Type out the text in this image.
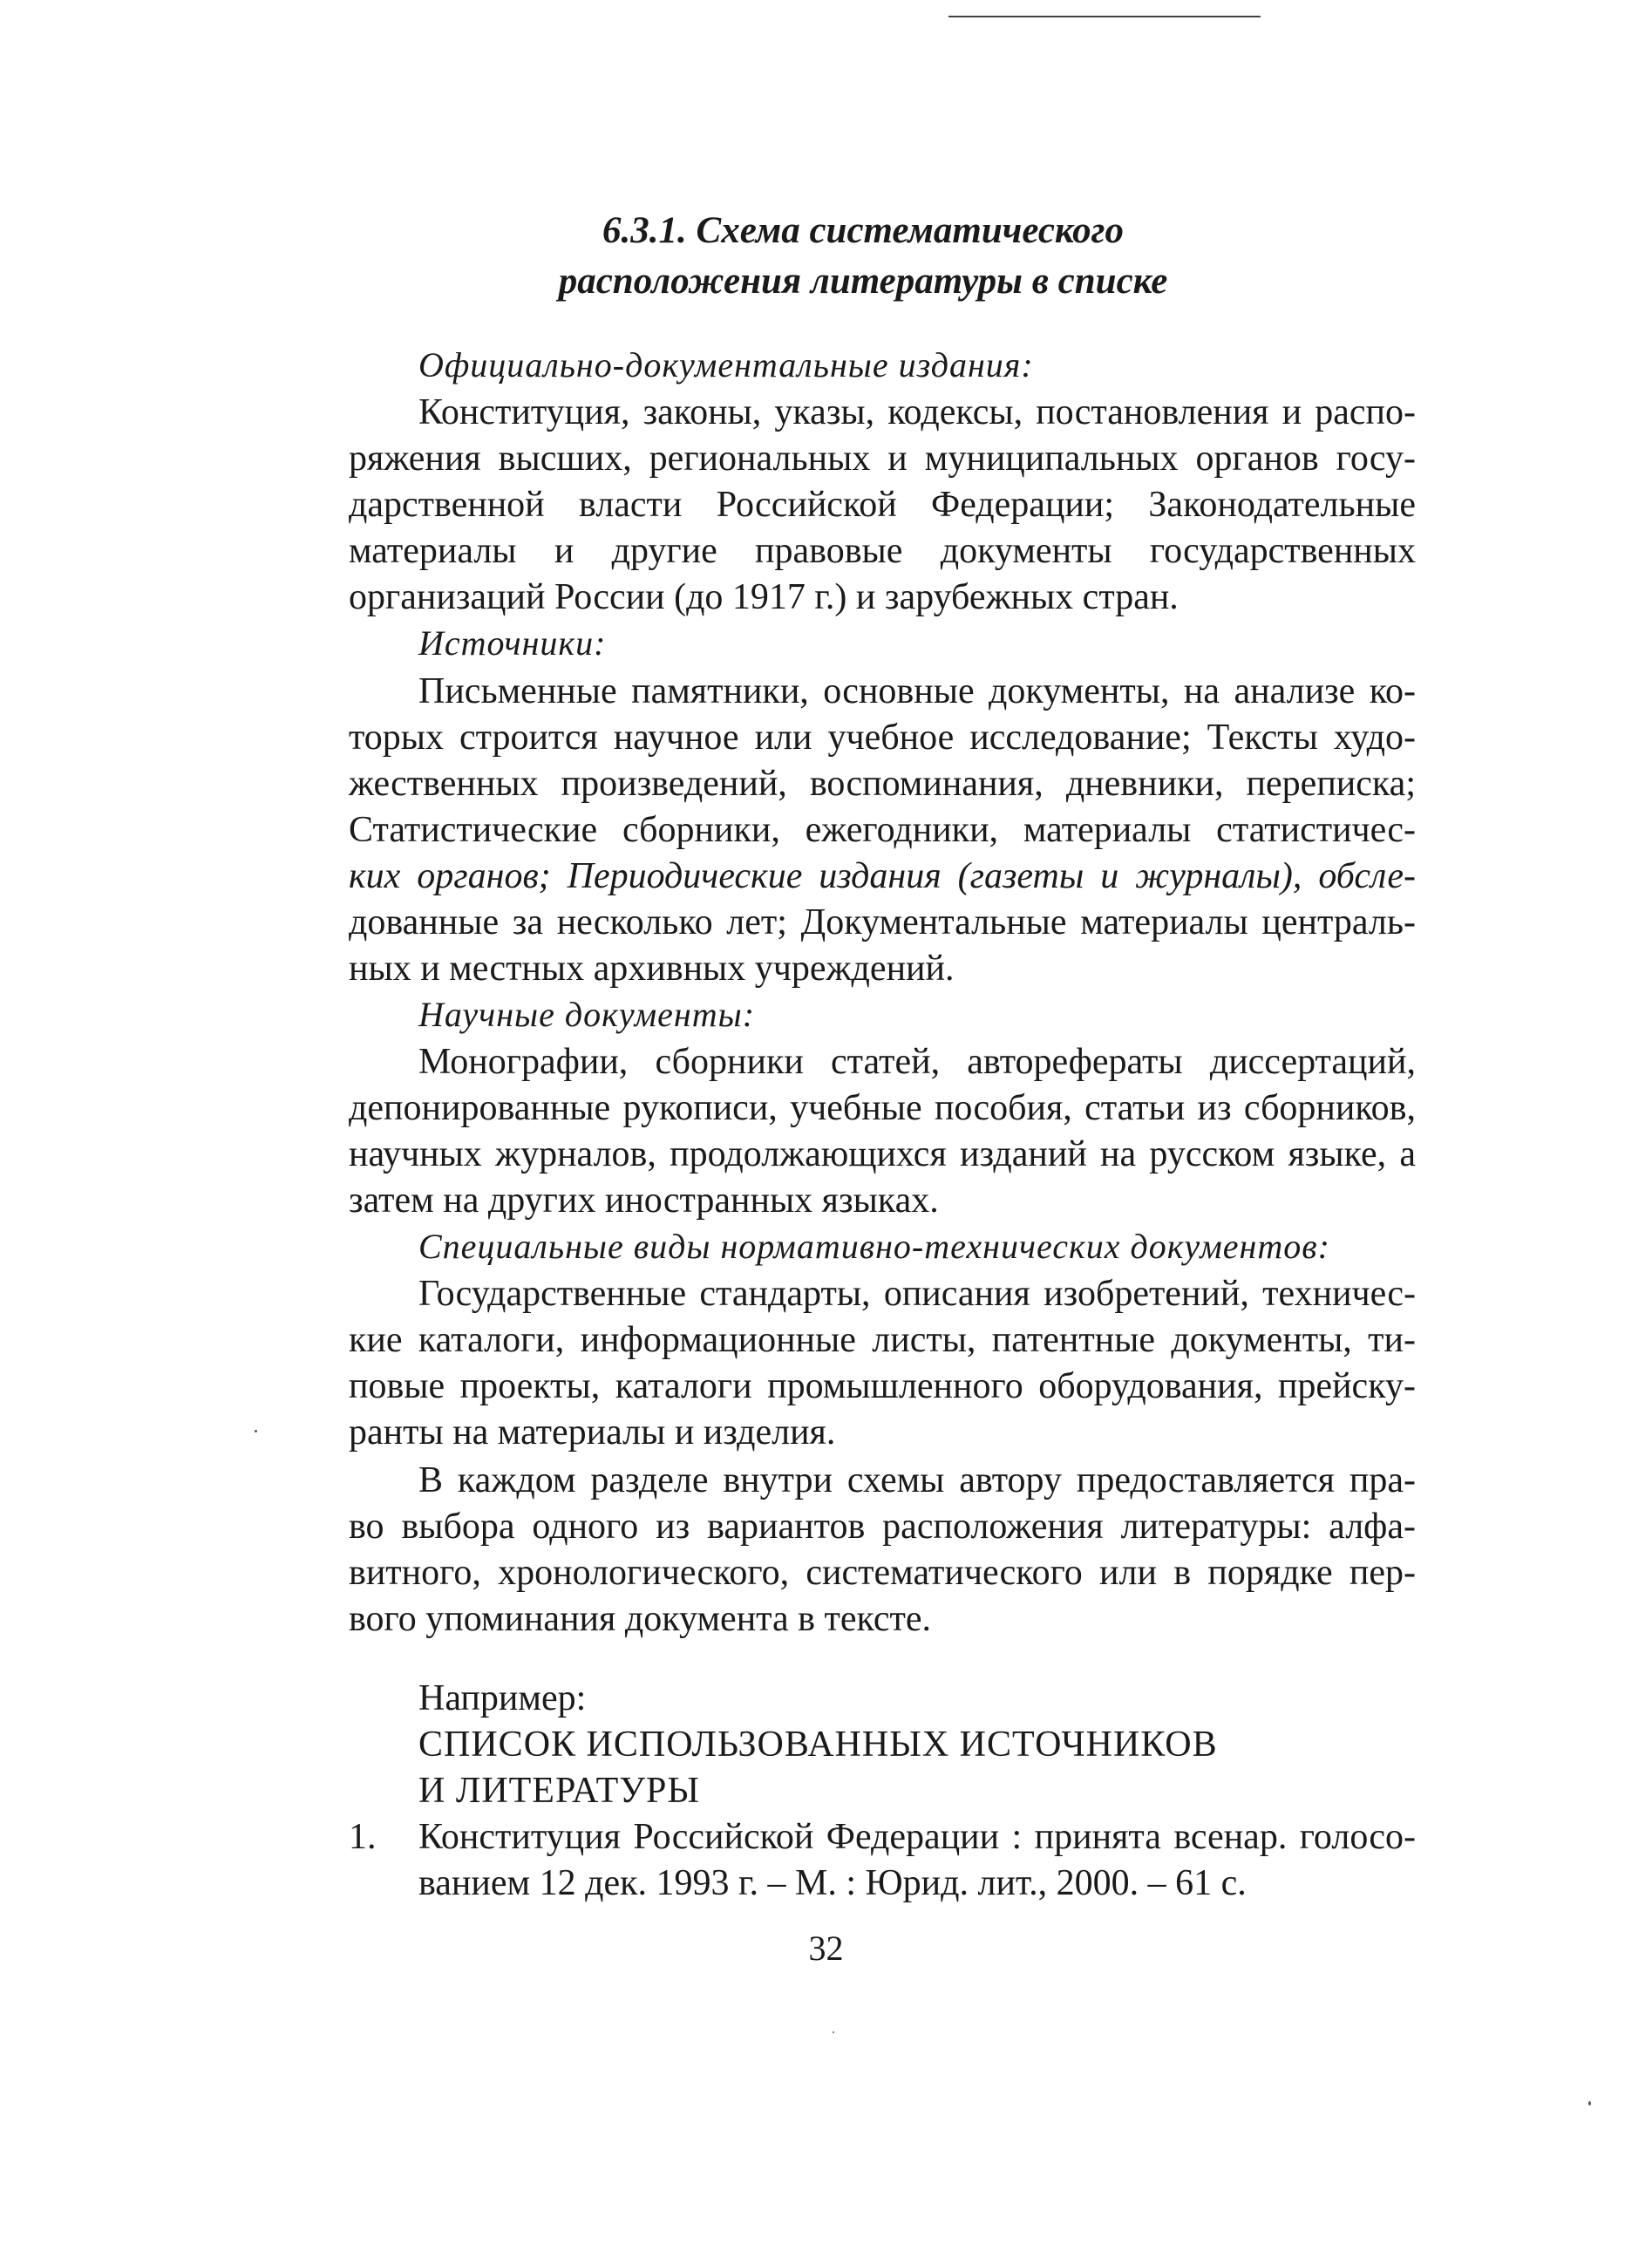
6.3.1. Схема систематического
расположения литературы в списке
Официально-документальные издания:
Конституция, законы, указы, кодексы, постановления и распо-
ряжения высших, региональных и муниципальных органов госу-
дарственной власти Российской Федерации; Законодательные
материалы и другие правовые документы государственных
организаций России (до 1917 г.) и зарубежных стран.
Источники:
Письменные памятники, основные документы, на анализе ко-
торых строится научное или учебное исследование; Тексты худо-
жественных произведений, воспоминания, дневники, переписка;
Статистические сборники, ежегодники, материалы статистичес-
ких органов; Периодические издания (газеты и журналы), обсле-
дованные за несколько лет; Документальные материалы централь-
ных и местных архивных учреждений.
Научные документы:
Монографии, сборники статей, авторефераты диссертаций,
депонированные рукописи, учебные пособия, статьи из сборников,
научных журналов, продолжающихся изданий на русском языке, а
затем на других иностранных языках.
Специальные виды нормативно-технических документов:
Государственные стандарты, описания изобретений, техничес-
кие каталоги, информационные листы, патентные документы, ти-
повые проекты, каталоги промышленного оборудования, прейску-
ранты на материалы и изделия.
В каждом разделе внутри схемы автору предоставляется пра-
во выбора одного из вариантов расположения литературы: алфа-
витного, хронологического, систематического или в порядке пер-
вого упоминания документа в тексте.
Например:
СПИСОК ИСПОЛЬЗОВАННЫХ ИСТОЧНИКОВ
И ЛИТЕРАТУРЫ
1. Конституция Российской Федерации : принята всенар. голосо-
ванием 12 дек. 1993 г. – М. : Юрид. лит., 2000. – 61 с.
32
